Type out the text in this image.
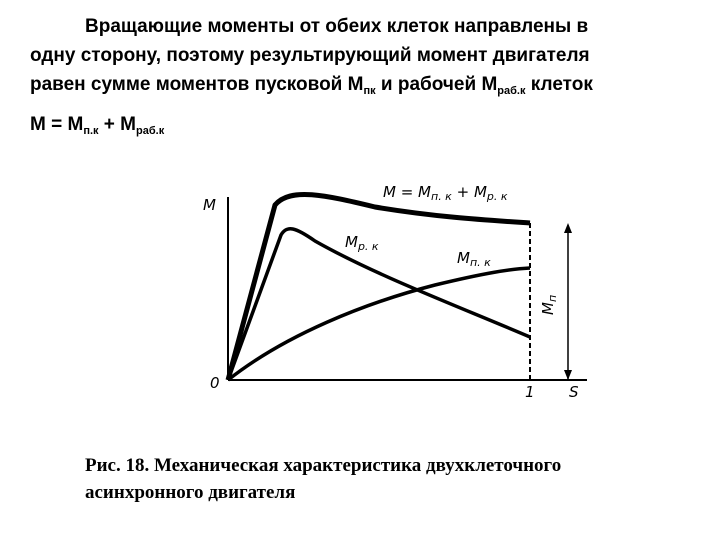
Вращающие моменты от обеих клеток направлены в
одну сторону, поэтому результирующий момент двигателя
равен сумме моментов пусковой $М_{пк}$ и рабочей $М_{раб.к}$ клеток
$М = М_{п.к} + М_{раб.к}$
M
S
0	1
$M = M_{п. к} + M_{р. к}$
$M_{р. к}$
$M_{п. к}$
$M_п$
Рис. 18. Механическая характеристика двухклеточного
асинхронного двигателя
